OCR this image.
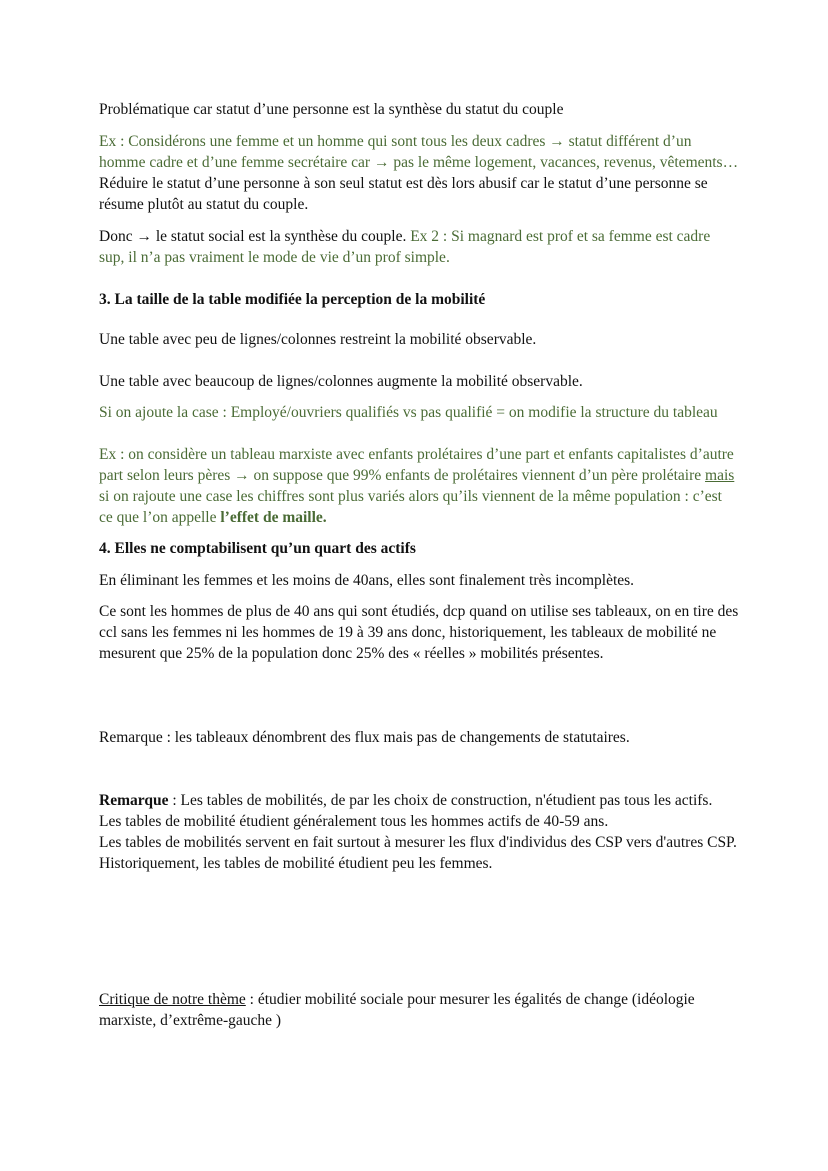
Problématique car statut d’une personne est la synthèse du statut du couple

Ex : Considérons une femme et un homme qui sont tous les deux cadres → statut différent d’un homme cadre et d’une femme secrétaire car → pas le même logement, vacances, revenus, vêtements… Réduire le statut d’une personne à son seul statut est dès lors abusif car le statut d’une personne se résume plutôt au statut du couple.

Donc → le statut social est la synthèse du couple. Ex 2 : Si magnard est prof et sa femme est cadre sup, il n’a pas vraiment le mode de vie d’un prof simple.

3. La taille de la table modifiée la perception de la mobilité

Une table avec peu de lignes/colonnes restreint la mobilité observable.

Une table avec beaucoup de lignes/colonnes augmente la mobilité observable.

Si on ajoute la case : Employé/ouvriers qualifiés vs pas qualifié = on modifie la structure du tableau

Ex : on considère un tableau marxiste avec enfants prolétaires d’une part et enfants capitalistes d’autre part selon leurs pères → on suppose que 99% enfants de prolétaires viennent d’un père prolétaire mais si on rajoute une case les chiffres sont plus variés alors qu’ils viennent de la même population : c’est ce que l’on appelle l’effet de maille.

4. Elles ne comptabilisent qu’un quart des actifs

En éliminant les femmes et les moins de 40ans, elles sont finalement très incomplètes.

Ce sont les hommes de plus de 40 ans qui sont étudiés, dcp quand on utilise ses tableaux, on en tire des ccl sans les femmes ni les hommes de 19 à 39 ans donc, historiquement, les tableaux de mobilité ne mesurent que 25% de la population donc 25% des « réelles » mobilités présentes.

Remarque : les tableaux dénombrent des flux mais pas de changements de statutaires.

Remarque : Les tables de mobilités, de par les choix de construction, n'étudient pas tous les actifs.
Les tables de mobilité étudient généralement tous les hommes actifs de 40-59 ans.
Les tables de mobilités servent en fait surtout à mesurer les flux d'individus des CSP vers d'autres CSP.
Historiquement, les tables de mobilité étudient peu les femmes.

Critique de notre thème : étudier mobilité sociale pour mesurer les égalités de change (idéologie marxiste, d’extrême-gauche )
